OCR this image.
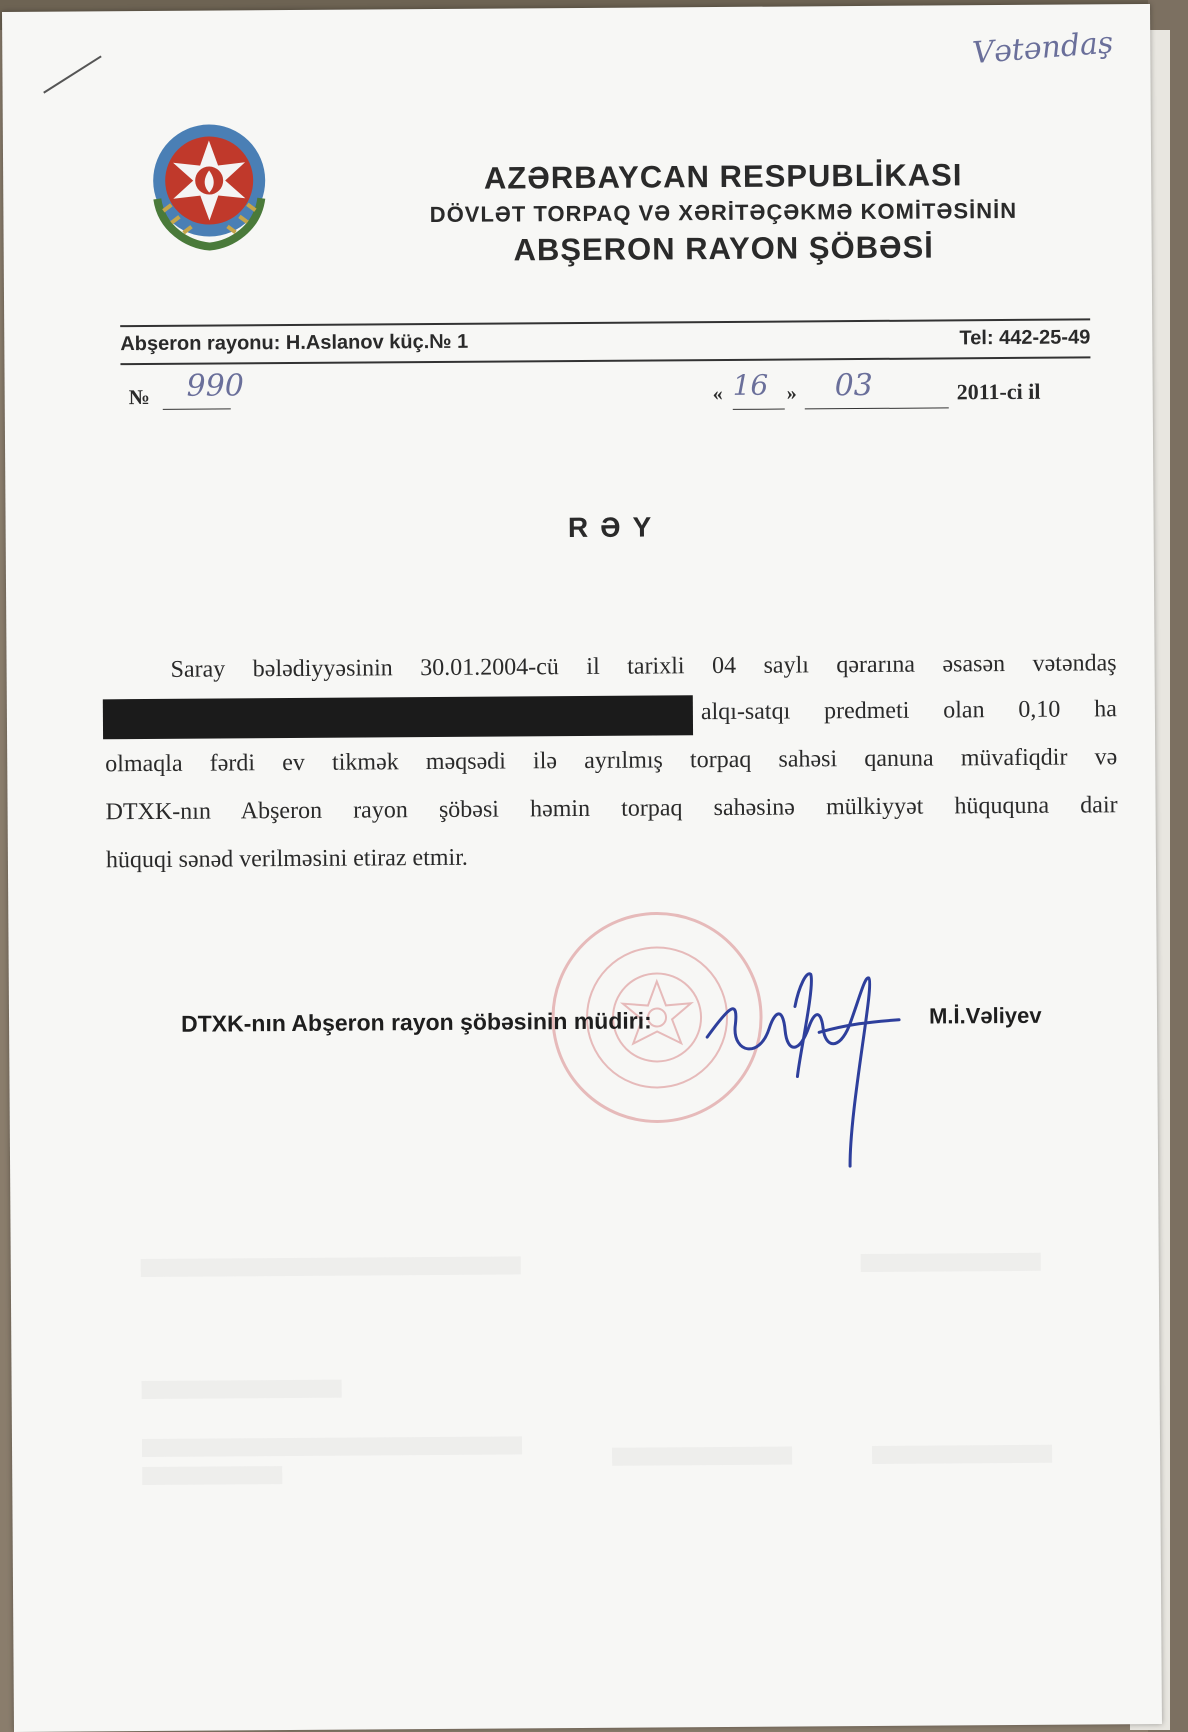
Vətəndaş
AZƏRBAYCAN RESPUBLİKASI
DÖVLƏT TORPAQ VƏ XƏRİTƏÇƏKMƏ KOMİTƏSİNİN
ABŞERON RAYON ŞÖBƏSİ
Abşeron rayonu: H.Aslanov küç.№ 1	Tel: 442-25-49
№ 990	« 16 » 03	2011-ci il
RƏY
Saray bələdiyyəsinin 30.01.2004-cü il tarixli 04 saylı qərarına əsasən vətəndaş
alqı-satqı predmeti olan 0,10 ha
olmaqla fərdi ev tikmək məqsədi ilə ayrılmış torpaq sahəsi qanuna müvafiqdir və
DTXK-nın Abşeron rayon şöbəsi həmin torpaq sahəsinə mülkiyyət hüququna dair
hüquqi sənəd verilməsini etiraz etmir.
DTXK-nın Abşeron rayon şöbəsinin müdiri:	M.İ.Vəliyev
